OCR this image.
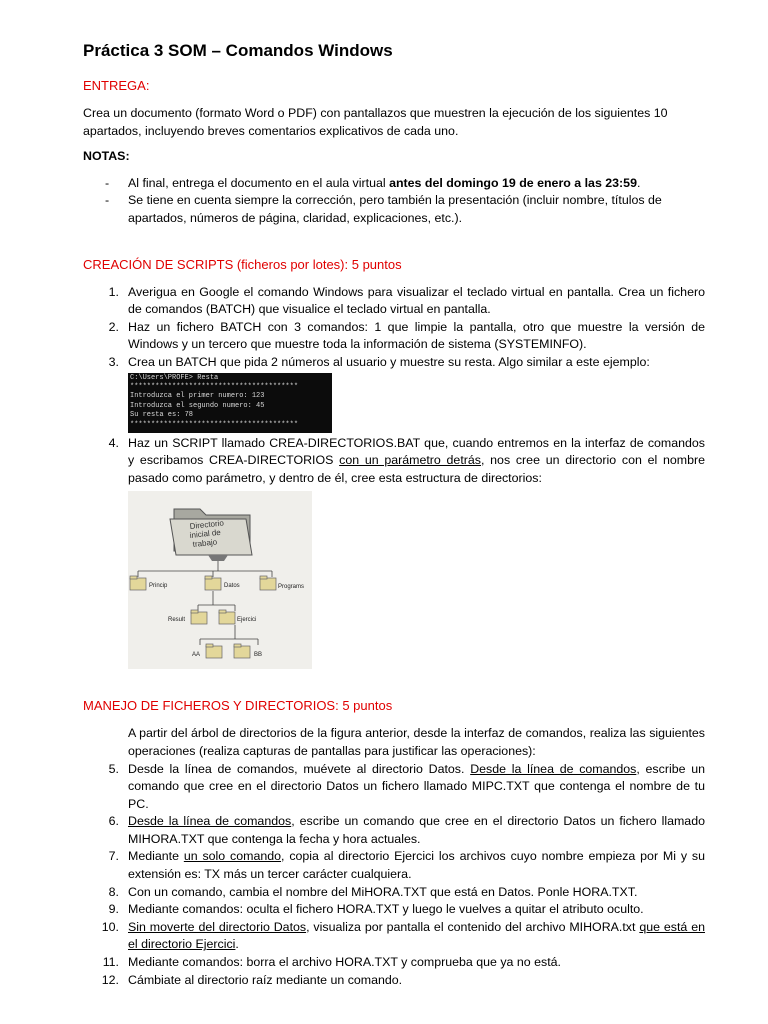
Práctica 3 SOM – Comandos Windows
ENTREGA:
Crea un documento (formato Word o PDF) con pantallazos que muestren la ejecución de los siguientes 10 apartados, incluyendo breves comentarios explicativos de cada uno.
NOTAS:
- Al final, entrega el documento en el aula virtual antes del domingo 19 de enero a las 23:59.
- Se tiene en cuenta siempre la corrección, pero también la presentación (incluir nombre, títulos de apartados, números de página, claridad, explicaciones, etc.).
CREACIÓN DE SCRIPTS (ficheros por lotes): 5 puntos
1. Averigua en Google el comando Windows para visualizar el teclado virtual en pantalla. Crea un fichero de comandos (BATCH) que visualice el teclado virtual en pantalla.
2. Haz un fichero BATCH con 3 comandos: 1 que limpie la pantalla, otro que muestre la versión de Windows y un tercero que muestre toda la información de sistema (SYSTEMINFO).
3. Crea un BATCH que pida 2 números al usuario y muestre su resta. Algo similar a este ejemplo:
C:\Users\PROFE> Resta
****************************************
Introduzca el primer numero: 123
Introduzca el segundo numero: 45
Su resta es: 78
****************************************
4. Haz un SCRIPT llamado CREA-DIRECTORIOS.BAT que, cuando entremos en la interfaz de comandos y escribamos CREA-DIRECTORIOS con un parámetro detrás, nos cree un directorio con el nombre pasado como parámetro, y dentro de él, cree esta estructura de directorios:
Directorio
inicial de
trabajo
Princip	Datos	Programs
Result	Ejercici
AA	BB
MANEJO DE FICHEROS Y DIRECTORIOS: 5 puntos
A partir del árbol de directorios de la figura anterior, desde la interfaz de comandos, realiza las siguientes operaciones (realiza capturas de pantallas para justificar las operaciones):
5. Desde la línea de comandos, muévete al directorio Datos. Desde la línea de comandos, escribe un comando que cree en el directorio Datos un fichero llamado MIPC.TXT que contenga el nombre de tu PC.
6. Desde la línea de comandos, escribe un comando que cree en el directorio Datos un fichero llamado MIHORA.TXT que contenga la fecha y hora actuales.
7. Mediante un solo comando, copia al directorio Ejercici los archivos cuyo nombre empieza por Mi y su extensión es: TX más un tercer carácter cualquiera.
8. Con un comando, cambia el nombre del MiHORA.TXT que está en Datos. Ponle HORA.TXT.
9. Mediante comandos: oculta el fichero HORA.TXT y luego le vuelves a quitar el atributo oculto.
10. Sin moverte del directorio Datos, visualiza por pantalla el contenido del archivo MIHORA.txt que está en el directorio Ejercici.
11. Mediante comandos: borra el archivo HORA.TXT y comprueba que ya no está.
12. Cámbiate al directorio raíz mediante un comando.
